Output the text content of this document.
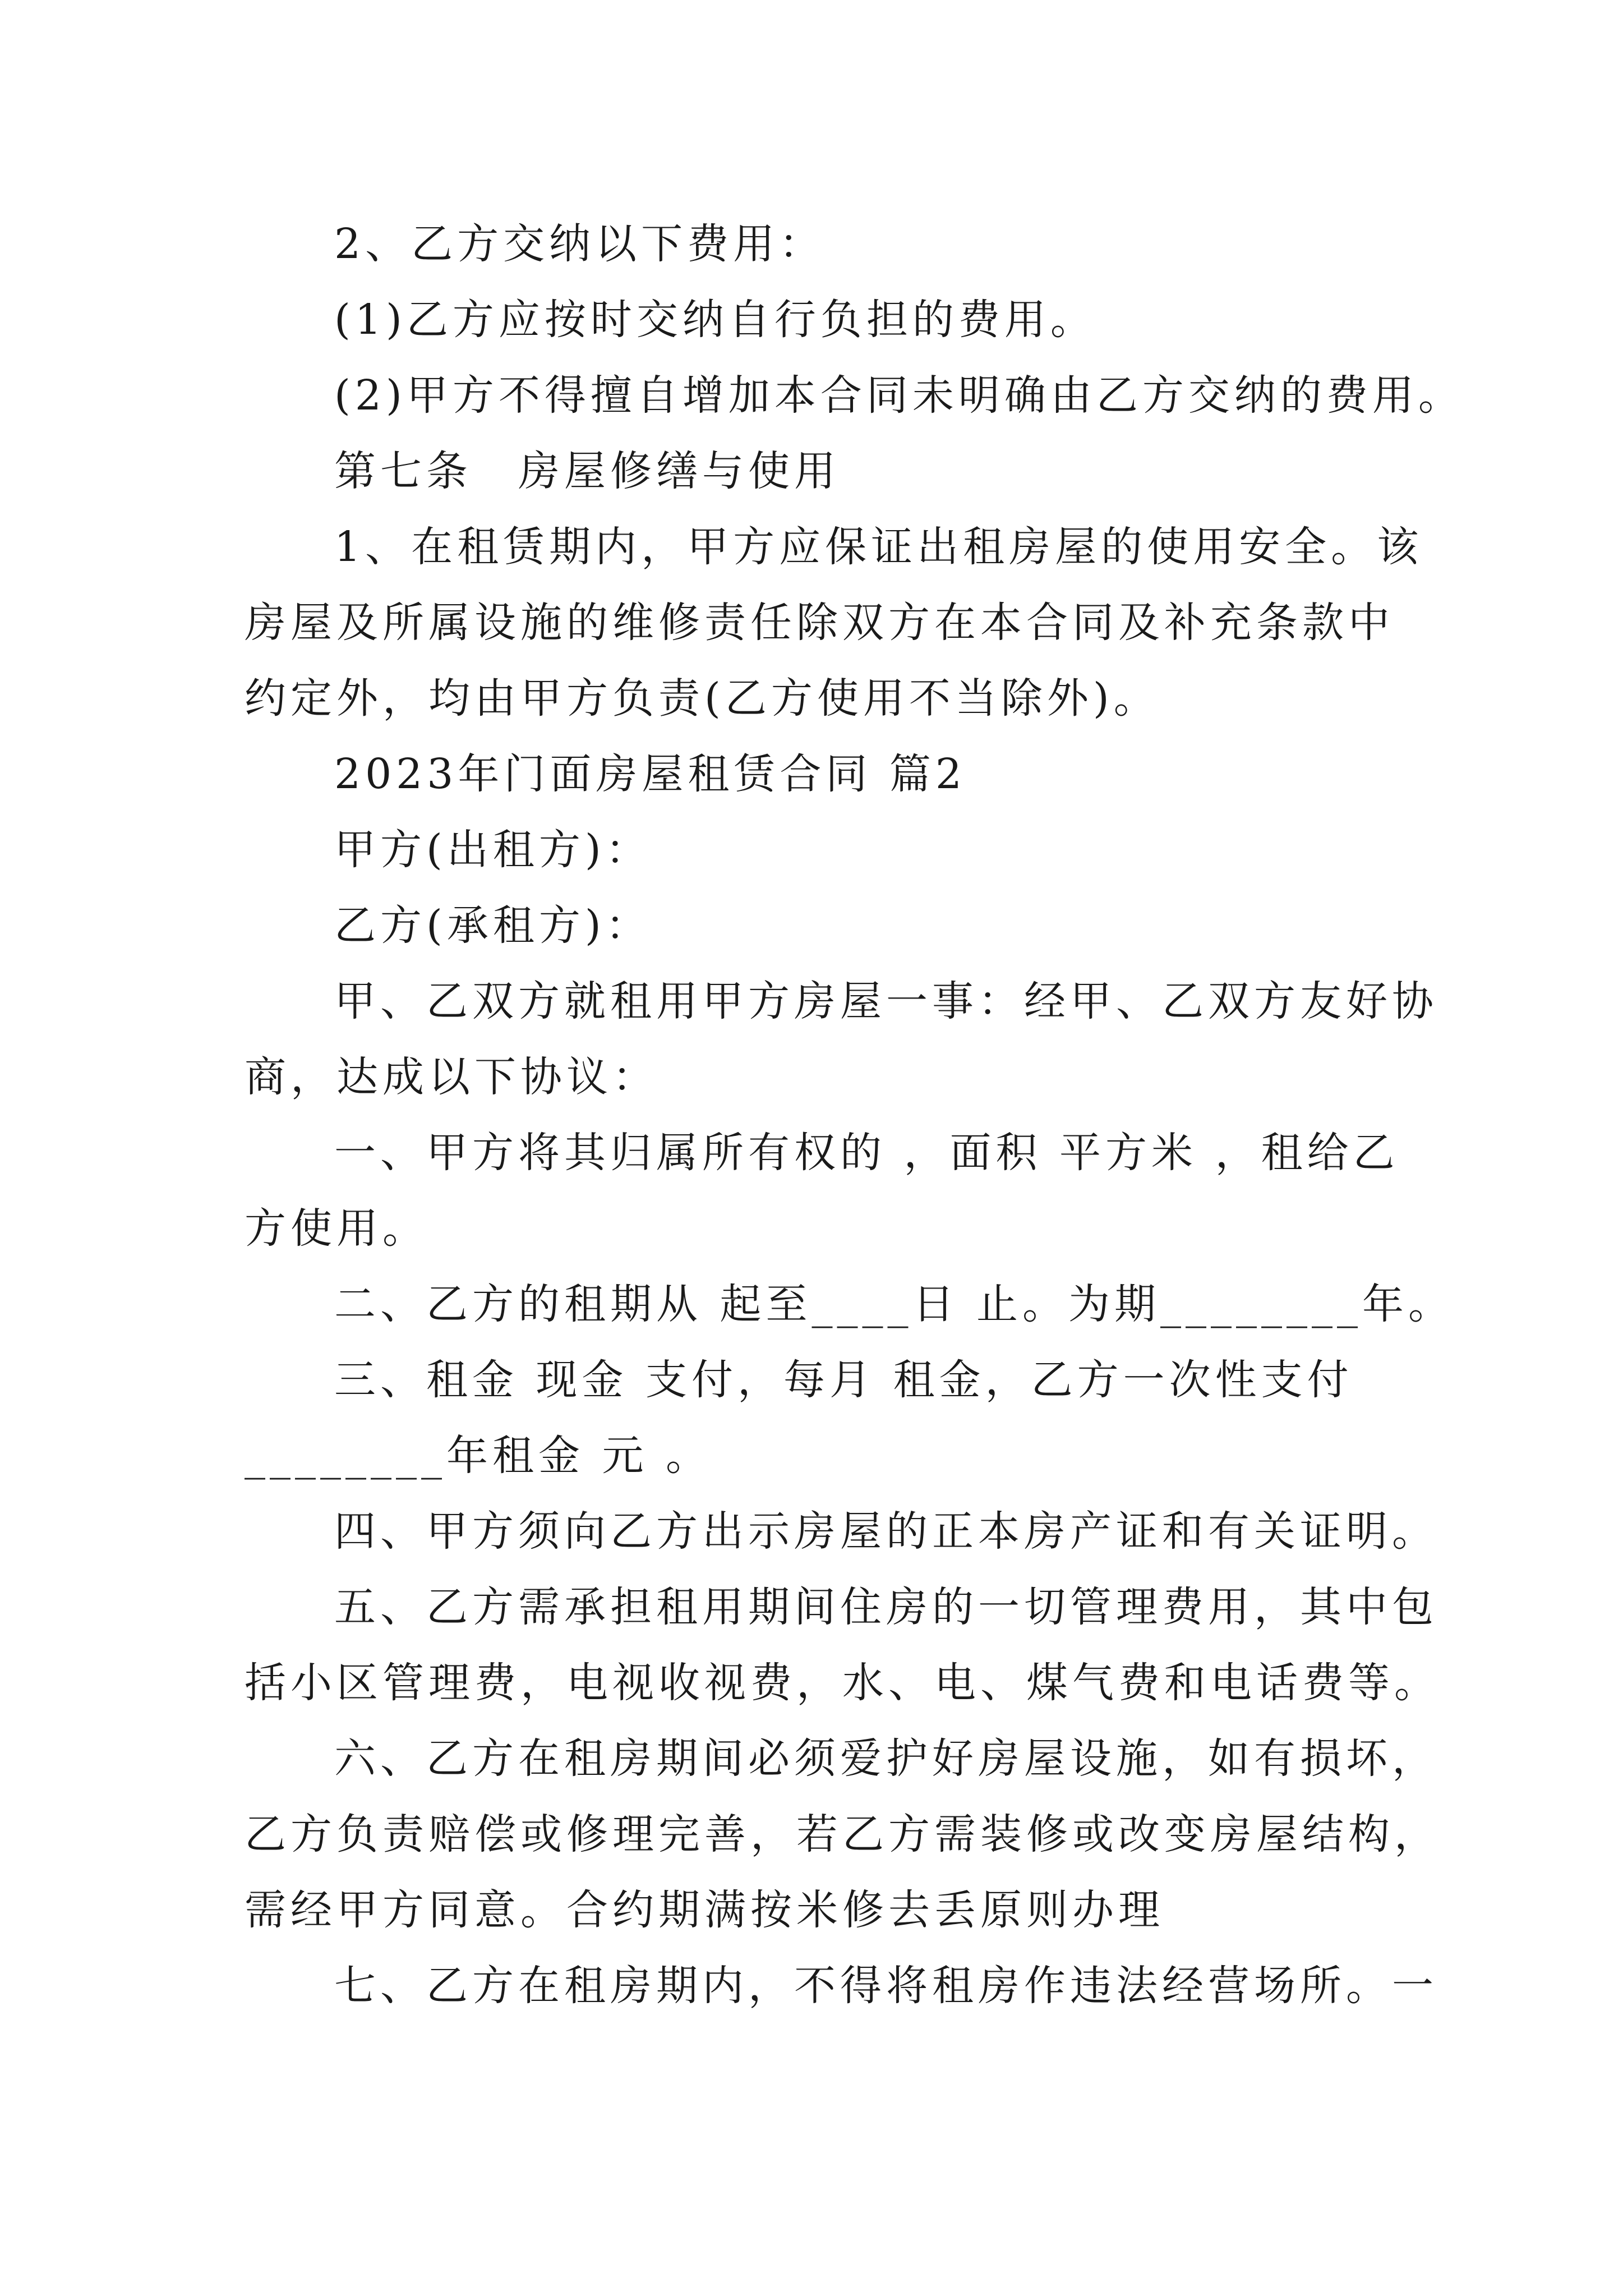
2、乙方交纳以下费用：

(1)乙方应按时交纳自行负担的费用。

(2)甲方不得擅自增加本合同未明确由乙方交纳的费用。

第七条　房屋修缮与使用

1、在租赁期内，甲方应保证出租房屋的使用安全。该

房屋及所属设施的维修责任除双方在本合同及补充条款中

约定外，均由甲方负责(乙方使用不当除外)。

2023年门面房屋租赁合同 篇2

甲方(出租方)：

乙方(承租方)：

甲、乙双方就租用甲方房屋一事：经甲、乙双方友好协

商，达成以下协议：

一、甲方将其归属所有权的 ，面积 平方米 ，租给乙

方使用。

二、乙方的租期从 起至____日 止。为期________年。

三、租金 现金 支付，每月 租金，乙方一次性支付

________年租金 元 。

四、甲方须向乙方出示房屋的正本房产证和有关证明。

五、乙方需承担租用期间住房的一切管理费用，其中包

括小区管理费，电视收视费，水、电、煤气费和电话费等。

六、乙方在租房期间必须爱护好房屋设施，如有损坏，

乙方负责赔偿或修理完善，若乙方需装修或改变房屋结构，

需经甲方同意。合约期满按米修去丢原则办理

七、乙方在租房期内，不得将租房作违法经营场所。一
